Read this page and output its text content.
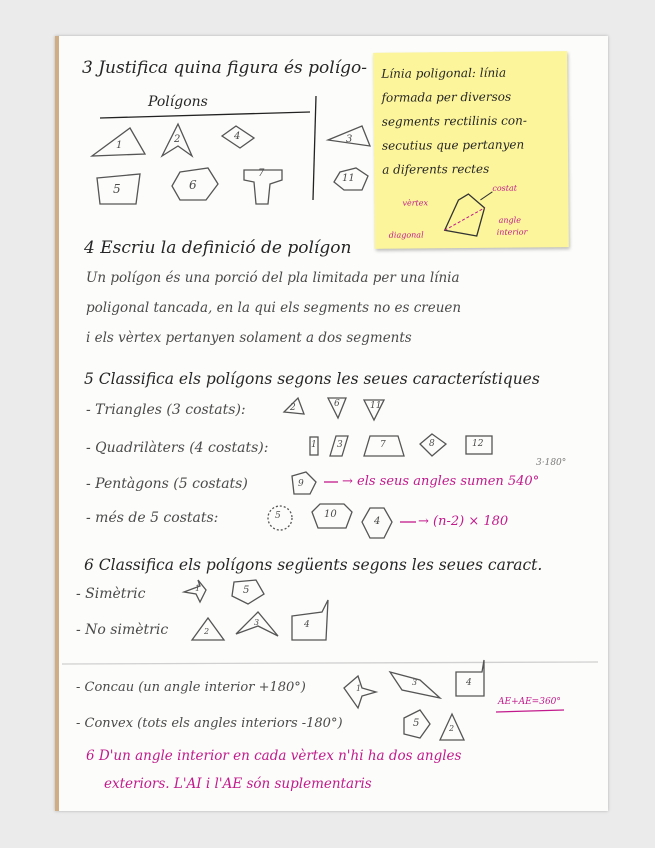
3 Justifica quina figura és polígo-
Polígons
1
2	3
4
5	6
7	11
Línia poligonal: línia
formada per diversos
segments rectilinis con-
secutius que pertanyen
a diferents rectes
costat
vèrtex
angle
interior
diagonal
4 Escriu la definició de polígon
Un polígon és una porció del pla limitada per una línia
poligonal tancada, en la qui els segments no es creuen
i els vèrtex pertanyen solament a dos segments
5 Classifica els polígons segons les seues característiques
- Triangles (3 costats):
- Quadrilàters (4 costats):
- Pentàgons (5 costats)
- més de 5 costats:
→ els seus angles sumen 540°
→ (n-2) × 180
3·180°
2	6	11
1 3	7	8	12
9
5	10
4
6 Classifica els polígons següents segons les seues caract.
- Simètric
- No simètric
- Concau (un angle interior +180°)
- Convex (tots els angles interiors -180°)
AE+AE=360°
1	5
2
3	4
1
3	4
5	2
6 D'un angle interior en cada vèrtex n'hi ha dos angles
exteriors. L'AI i l'AE són suplementaris
